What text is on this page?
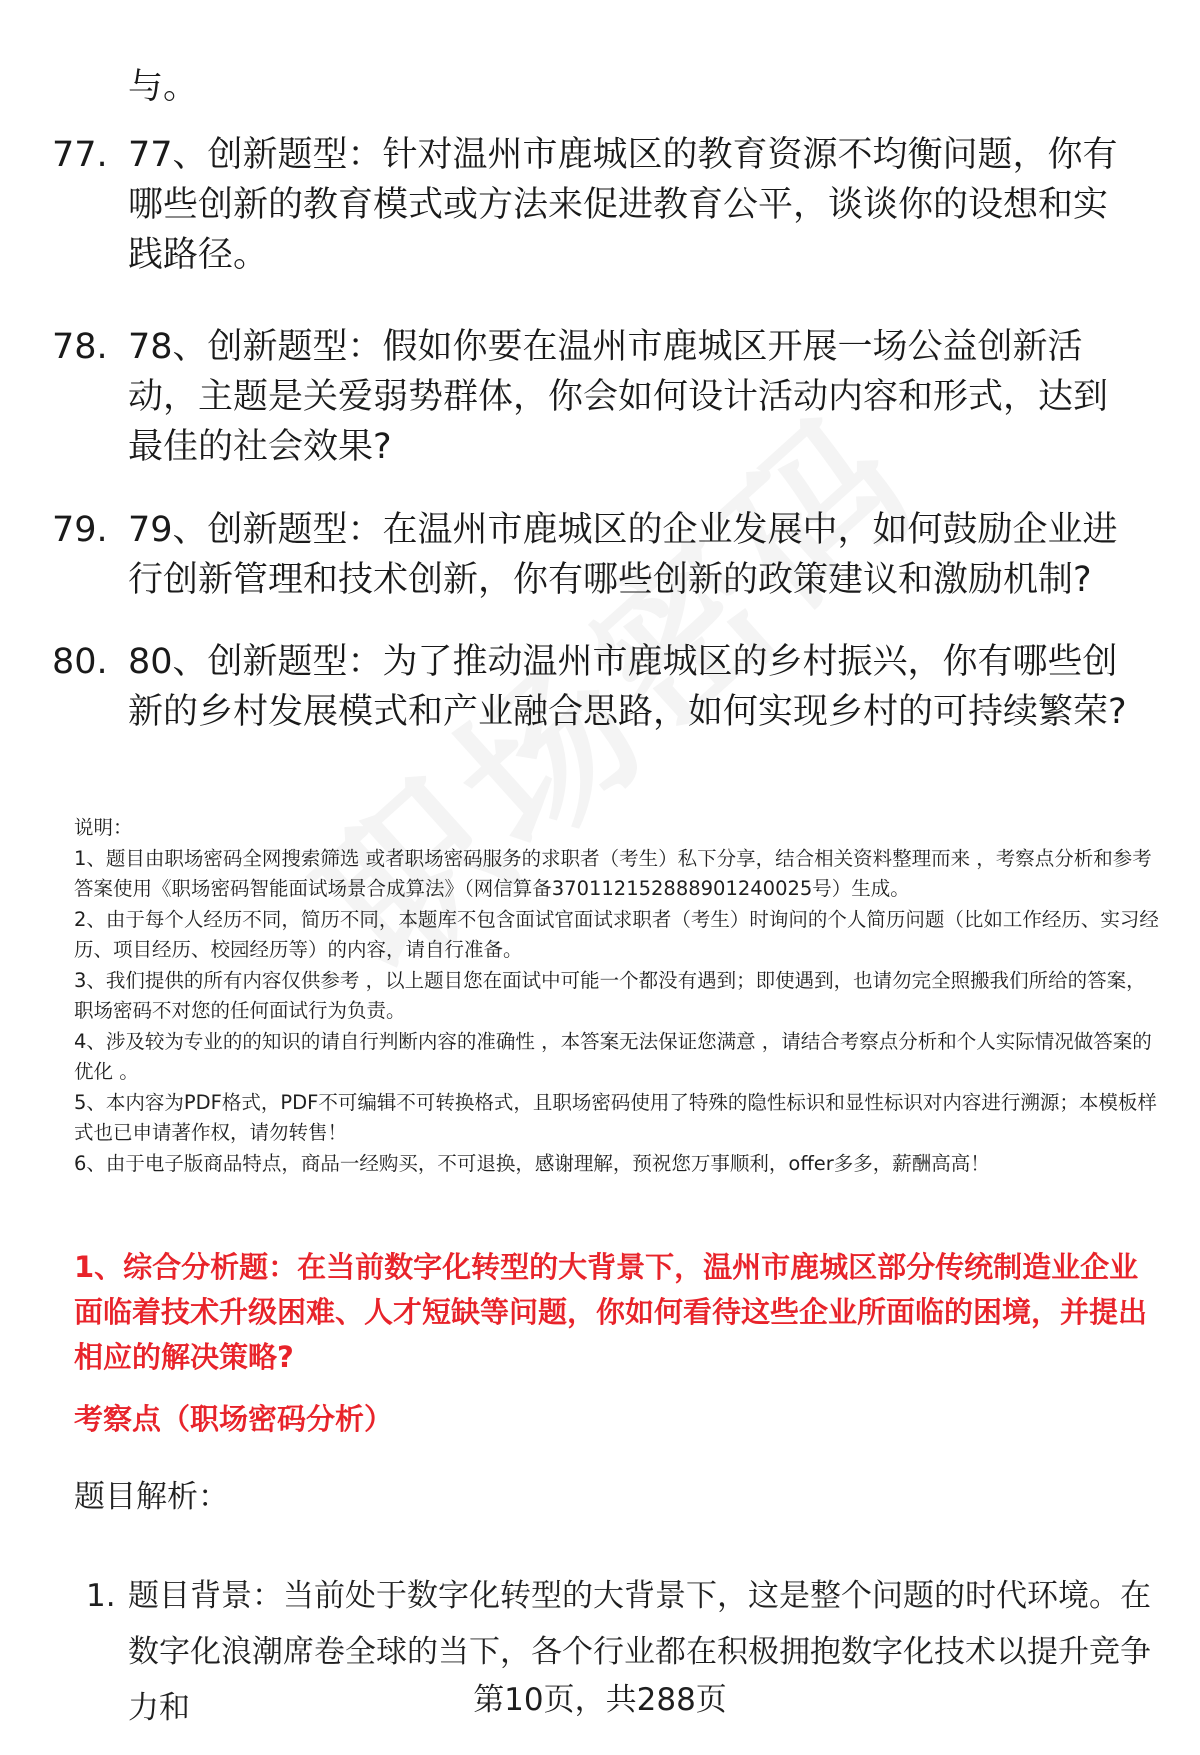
与。
77. 77、创新题型：针对温州市鹿城区的教育资源不均衡问题，你有哪些创新的教育模式或方法来促进教育公平，谈谈你的设想和实践路径。
78. 78、创新题型：假如你要在温州市鹿城区开展一场公益创新活动，主题是关爱弱势群体，你会如何设计活动内容和形式，达到最佳的社会效果?
79. 79、创新题型：在温州市鹿城区的企业发展中，如何鼓励企业进行创新管理和技术创新，你有哪些创新的政策建议和激励机制?
80. 80、创新题型：为了推动温州市鹿城区的乡村振兴，你有哪些创新的乡村发展模式和产业融合思路，如何实现乡村的可持续繁荣?
说明：
1、题目由职场密码全网搜索筛选 或者职场密码服务的求职者（考生）私下分享，结合相关资料整理而来 ，考察点分析和参考答案使用《职场密码智能面试场景合成算法》（网信算备370112152888901240025号）生成。
2、由于每个人经历不同，简历不同，本题库不包含面试官面试求职者（考生）时询问的个人简历问题（比如工作经历、实习经历、项目经历、校园经历等）的内容，请自行准备。
3、我们提供的所有内容仅供参考 ，以上题目您在面试中可能一个都没有遇到；即使遇到，也请勿完全照搬我们所给的答案，职场密码不对您的任何面试行为负责。
4、涉及较为专业的的知识的请自行判断内容的准确性 ，本答案无法保证您满意 ，请结合考察点分析和个人实际情况做答案的优化 。
5、本内容为PDF格式，PDF不可编辑不可转换格式，且职场密码使用了特殊的隐性标识和显性标识对内容进行溯源；本模板样式也已申请著作权，请勿转售！
6、由于电子版商品特点，商品一经购买，不可退换，感谢理解，预祝您万事顺利，offer多多，薪酬高高！
1、综合分析题：在当前数字化转型的大背景下，温州市鹿城区部分传统制造业企业面临着技术升级困难、人才短缺等问题，你如何看待这些企业所面临的困境，并提出相应的解决策略?
考察点（职场密码分析）
题目解析：
1. 题目背景：当前处于数字化转型的大背景下，这是整个问题的时代环境。在数字化浪潮席卷全球的当下，各个行业都在积极拥抱数字化技术以提升竞争力和	第10页，共288页
